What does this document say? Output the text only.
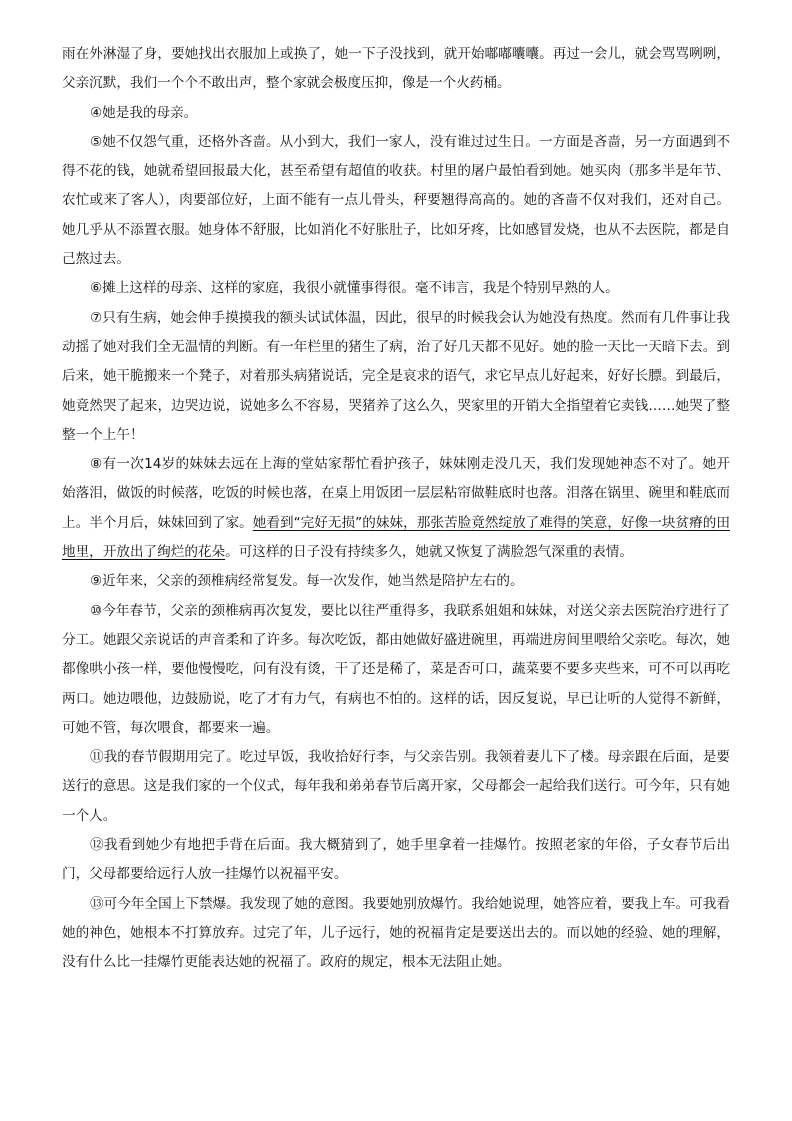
雨在外淋湿了身，要她找出衣服加上或换了，她一下子没找到，就开始嘟嘟囔囔。再过一会儿，就会骂骂咧咧，父亲沉默，我们一个个不敢出声，整个家就会极度压抑，像是一个火药桶。

④她是我的母亲。

⑤她不仅怨气重，还格外吝啬。从小到大，我们一家人，没有谁过过生日。一方面是吝啬，另一方面遇到不得不花的钱，她就希望回报最大化，甚至希望有超值的收获。村里的屠户最怕看到她。她买肉（那多半是年节、农忙或来了客人），肉要部位好，上面不能有一点儿骨头，秤要翘得高高的。她的吝啬不仅对我们，还对自己。她几乎从不添置衣服。她身体不舒服，比如消化不好胀肚子，比如牙疼，比如感冒发烧，也从不去医院，都是自己熬过去。

⑥摊上这样的母亲、这样的家庭，我很小就懂事得很。毫不讳言，我是个特别早熟的人。

⑦只有生病，她会伸手摸摸我的额头试试体温，因此，很早的时候我会认为她没有热度。然而有几件事让我动摇了她对我们全无温情的判断。有一年栏里的猪生了病，治了好几天都不见好。她的脸一天比一天暗下去。到后来，她干脆搬来一个凳子，对着那头病猪说话，完全是哀求的语气，求它早点儿好起来，好好长膘。到最后，她竟然哭了起来，边哭边说，说她多么不容易，哭猪养了这么久，哭家里的开销大全指望着它卖钱……她哭了整整一个上午！

⑧有一次14岁的妹妹去远在上海的堂姑家帮忙看护孩子，妹妹刚走没几天，我们发现她神态不对了。她开始落泪，做饭的时候落，吃饭的时候也落，在桌上用饭团一层层粘帘做鞋底时也落。泪落在锅里、碗里和鞋底而上。半个月后，妹妹回到了家。她看到“完好无损”的妹妹，那张苦脸竟然绽放了难得的笑意，好像一块贫瘠的田地里，开放出了绚烂的花朵。可这样的日子没有持续多久，她就又恢复了满脸怨气深重的表情。

⑨近年来，父亲的颈椎病经常复发。每一次发作，她当然是陪护左右的。

⑩今年春节，父亲的颈椎病再次复发，要比以往严重得多，我联系姐姐和妹妹，对送父亲去医院治疗进行了分工。她跟父亲说话的声音柔和了许多。每次吃饭，都由她做好盛进碗里，再端进房间里喂给父亲吃。每次，她都像哄小孩一样，要他慢慢吃，问有没有烫，干了还是稀了，菜是否可口，蔬菜要不要多夹些来，可不可以再吃两口。她边喂他，边鼓励说，吃了才有力气，有病也不怕的。这样的话，因反复说，早已让听的人觉得不新鲜，可她不管，每次喂食，都要来一遍。

⑪我的春节假期用完了。吃过早饭，我收拾好行李，与父亲告别。我领着妻儿下了楼。母亲跟在后面，是要送行的意思。这是我们家的一个仪式，每年我和弟弟春节后离开家，父母都会一起给我们送行。可今年，只有她一个人。

⑫我看到她少有地把手背在后面。我大概猜到了，她手里拿着一挂爆竹。按照老家的年俗，子女春节后出门，父母都要给远行人放一挂爆竹以祝福平安。

⑬可今年全国上下禁爆。我发现了她的意图。我要她别放爆竹。我给她说理，她答应着，要我上车。可我看她的神色，她根本不打算放弃。过完了年，儿子远行，她的祝福肯定是要送出去的。而以她的经验、她的理解，没有什么比一挂爆竹更能表达她的祝福了。政府的规定，根本无法阻止她。
